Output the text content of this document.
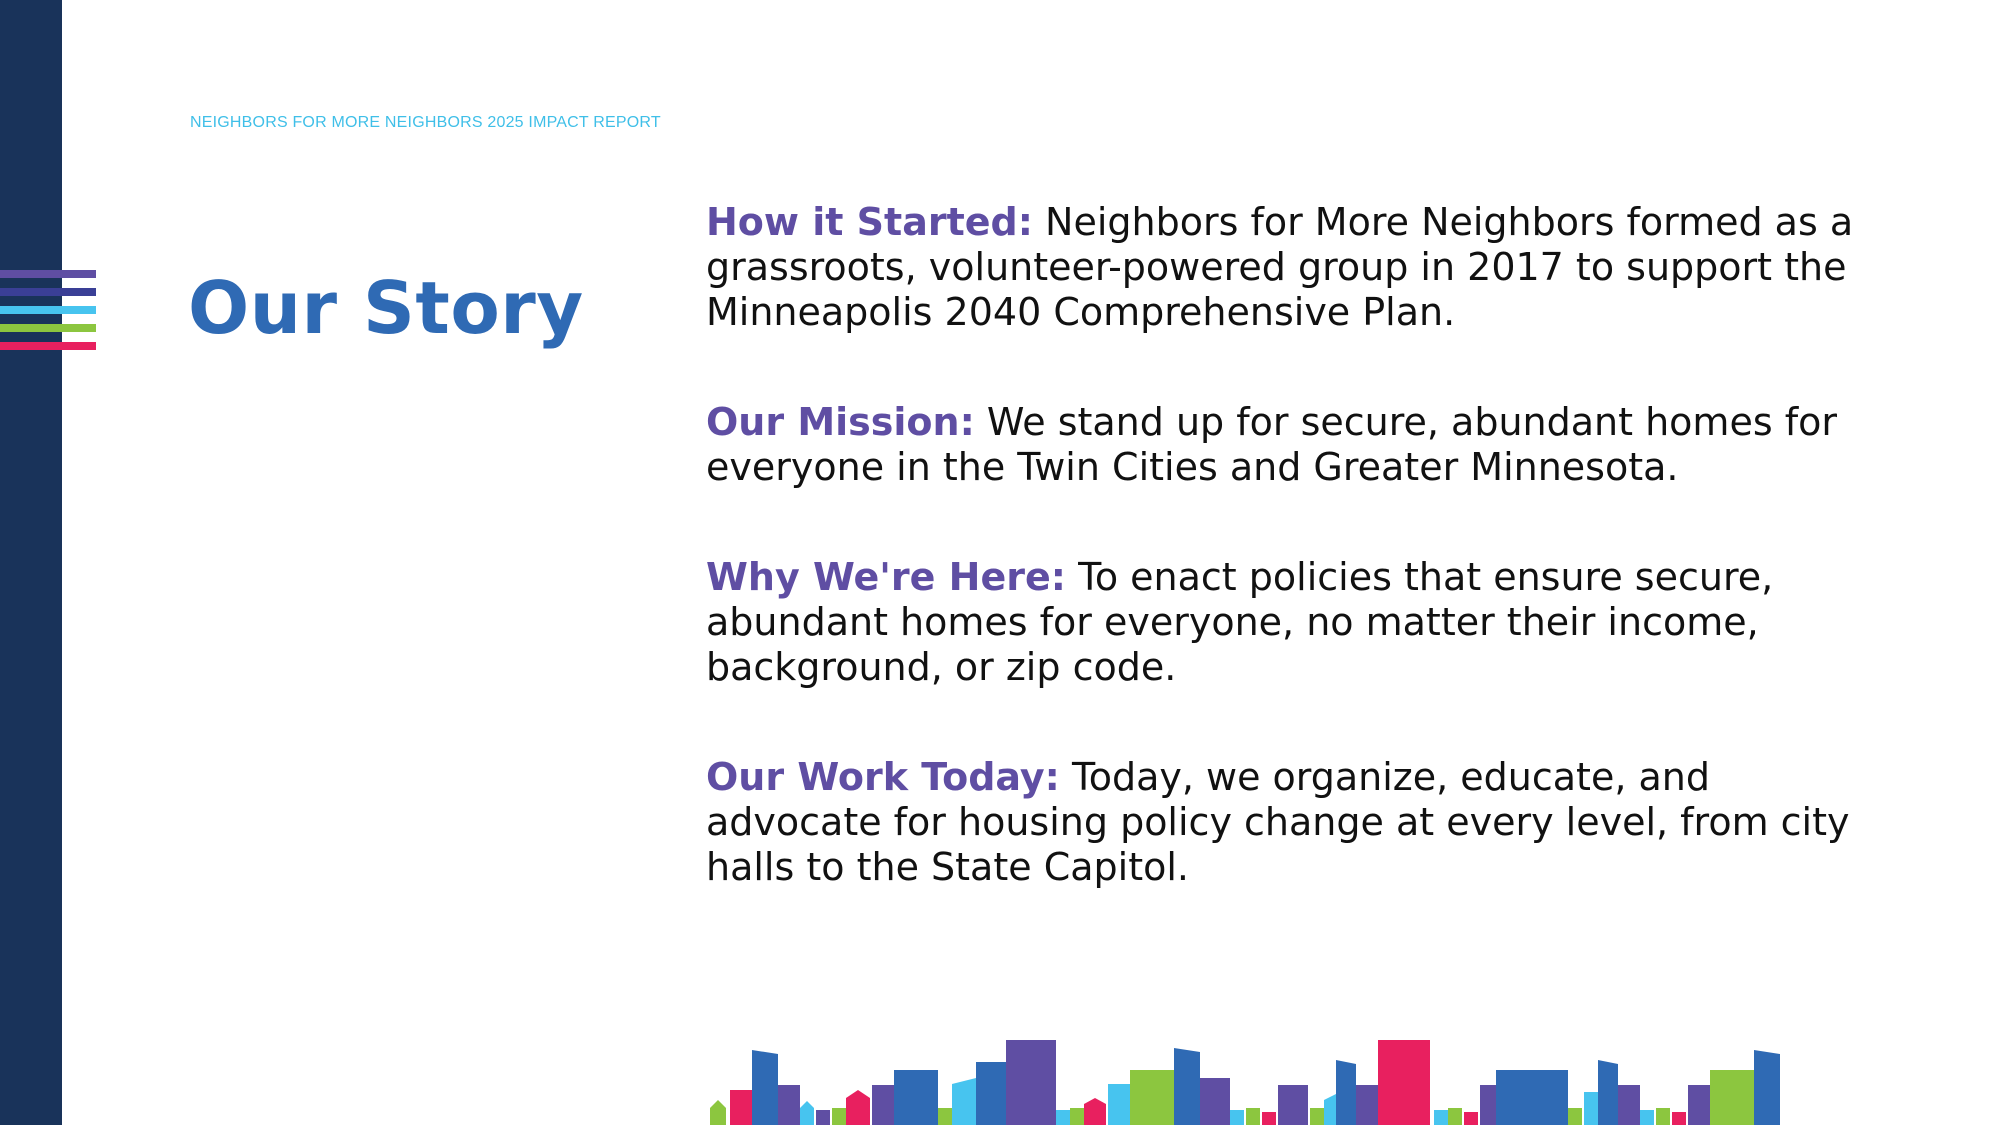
NEIGHBORS FOR MORE NEIGHBORS 2025 IMPACT REPORT
Our Story

How it Started: Neighbors for More Neighbors formed as a grassroots, volunteer-powered group in 2017 to support the Minneapolis 2040 Comprehensive Plan.

Our Mission: We stand up for secure, abundant homes for everyone in the Twin Cities and Greater Minnesota.

Why We're Here: To enact policies that ensure secure, abundant homes for everyone, no matter their income, background, or zip code.

Our Work Today: Today, we organize, educate, and advocate for housing policy change at every level, from city halls to the State Capitol.
